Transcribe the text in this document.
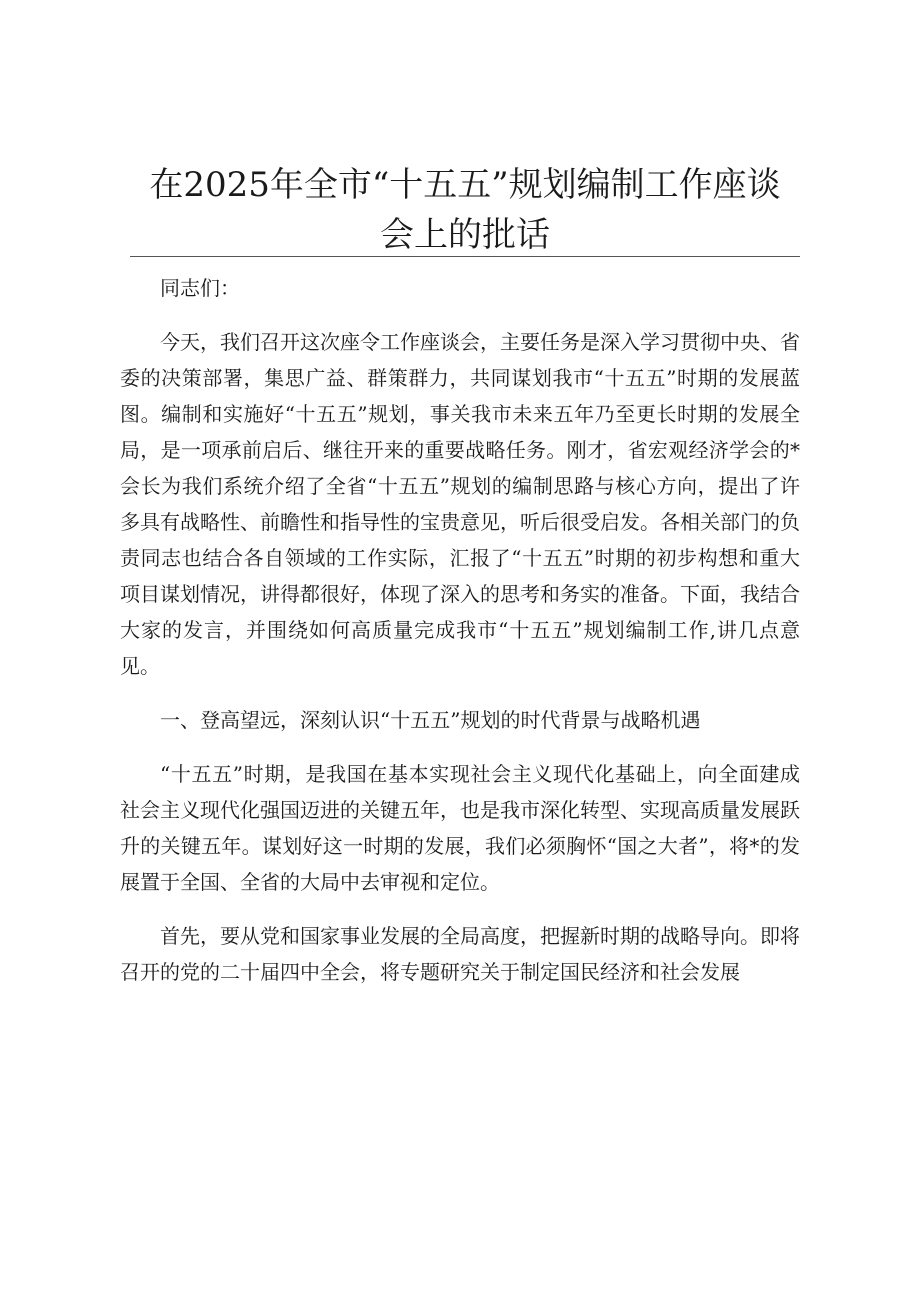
在2025年全市“十五五”规划编制工作座谈
会上的批话

同志们：

今天，我们召开这次座令工作座谈会，主要任务是深入学习贯彻中央、省委的决策部署，集思广益、群策群力，共同谋划我市“十五五”时期的发展蓝图。编制和实施好“十五五”规划，事关我市未来五年乃至更长时期的发展全局，是一项承前启后、继往开来的重要战略任务。刚才，省宏观经济学会的*会长为我们系统介绍了全省“十五五”规划的编制思路与核心方向，提出了许多具有战略性、前瞻性和指导性的宝贵意见，听后很受启发。各相关部门的负责同志也结合各自领域的工作实际，汇报了“十五五”时期的初步构想和重大项目谋划情况，讲得都很好，体现了深入的思考和务实的准备。下面，我结合大家的发言，并围绕如何高质量完成我市“十五五”规划编制工作,讲几点意见。

一、登高望远，深刻认识“十五五”规划的时代背景与战略机遇

“十五五”时期，是我国在基本实现社会主义现代化基础上，向全面建成社会主义现代化强国迈进的关键五年，也是我市深化转型、实现高质量发展跃升的关键五年。谋划好这一时期的发展，我们必须胸怀“国之大者”，将*的发展置于全国、全省的大局中去审视和定位。

首先，要从党和国家事业发展的全局高度，把握新时期的战略导向。即将召开的党的二十届四中全会，将专题研究关于制定国民经济和社会发展
